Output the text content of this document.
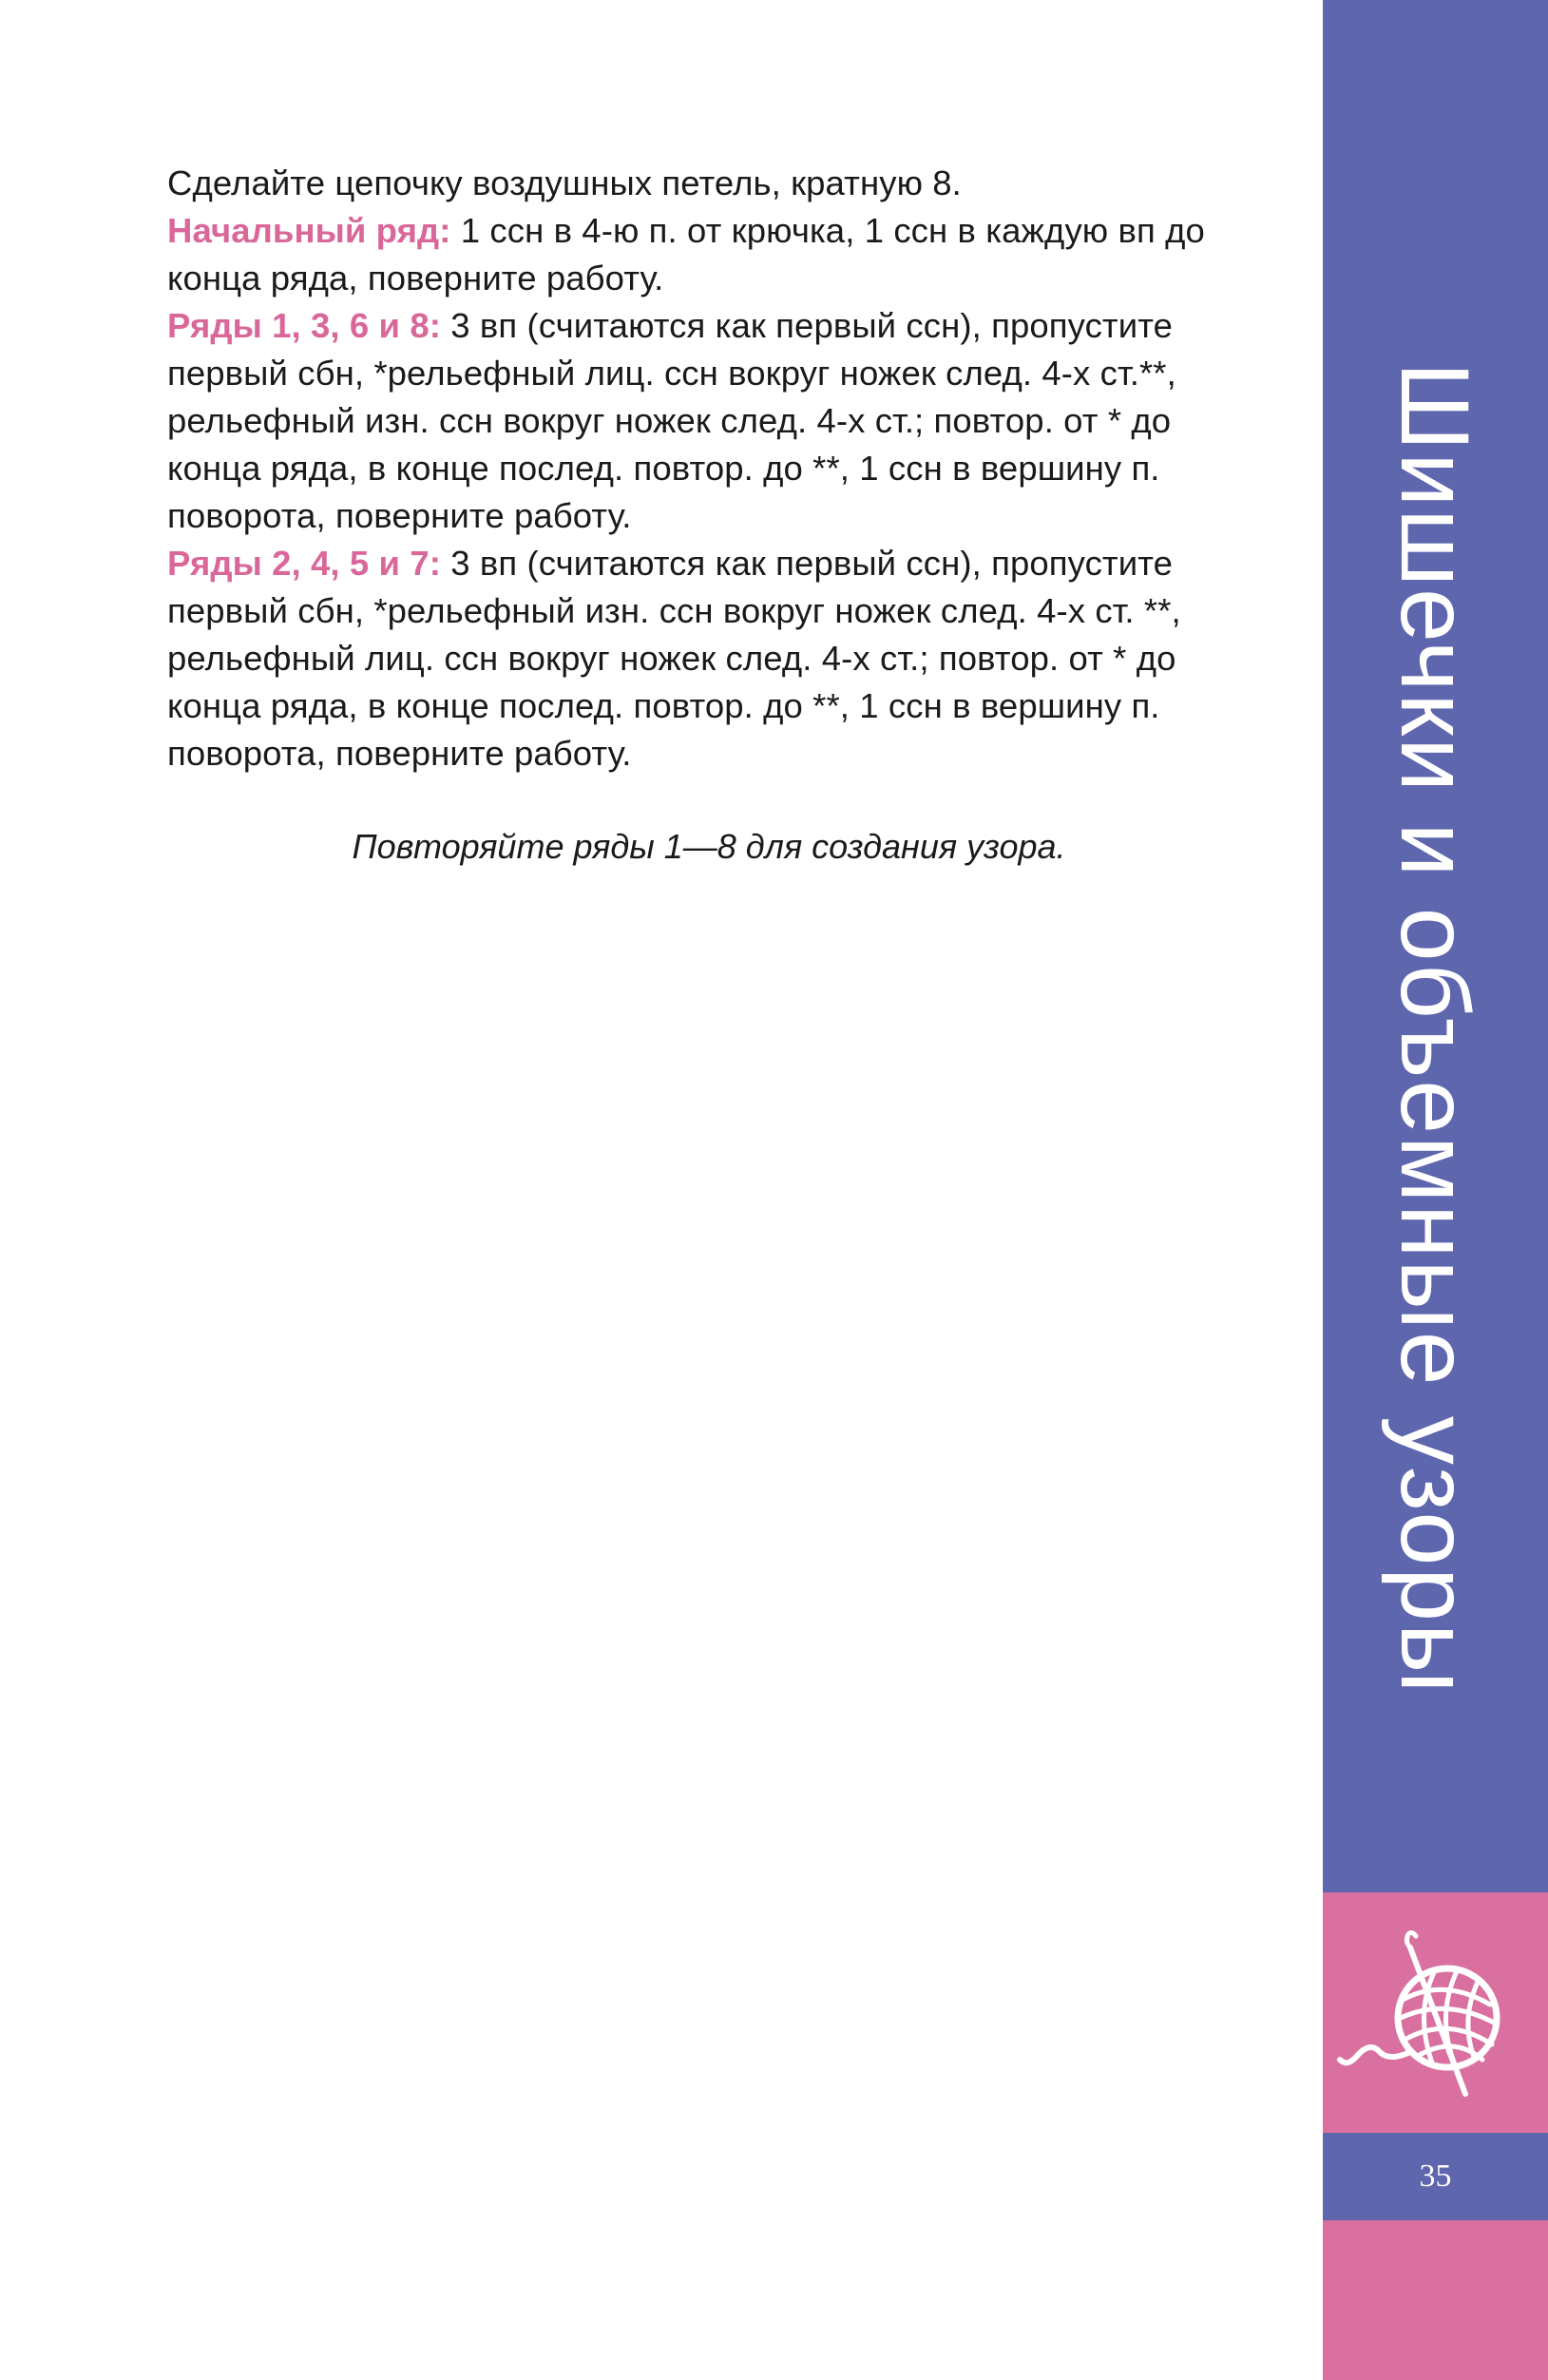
Сделайте цепочку воздушных петель, кратную 8.

Начальный ряд: 1 ссн в 4-ю п. от крючка, 1 ссн в каждую вп до конца ряда, поверните работу.

Ряды 1, 3, 6 и 8: 3 вп (считаются как первый ссн), пропустите первый сбн, *рельефный лиц. ссн вокруг ножек след. 4-х ст.**, рельефный изн. ссн вокруг ножек след. 4-х ст.; повтор. от * до конца ряда, в конце послед. повтор. до **, 1 ссн в вершину п. поворота, поверните работу.

Ряды 2, 4, 5 и 7: 3 вп (считаются как первый ссн), пропустите первый сбн, *рельефный изн. ссн вокруг ножек след. 4-х ст. **, рельефный лиц. ссн вокруг ножек след. 4-х ст.; повтор. от * до конца ряда, в конце послед. повтор. до **, 1 ссн в вершину п. поворота, поверните работу.

Повторяйте ряды 1—8 для создания узора.	Шишечки и объемные узоры
35
